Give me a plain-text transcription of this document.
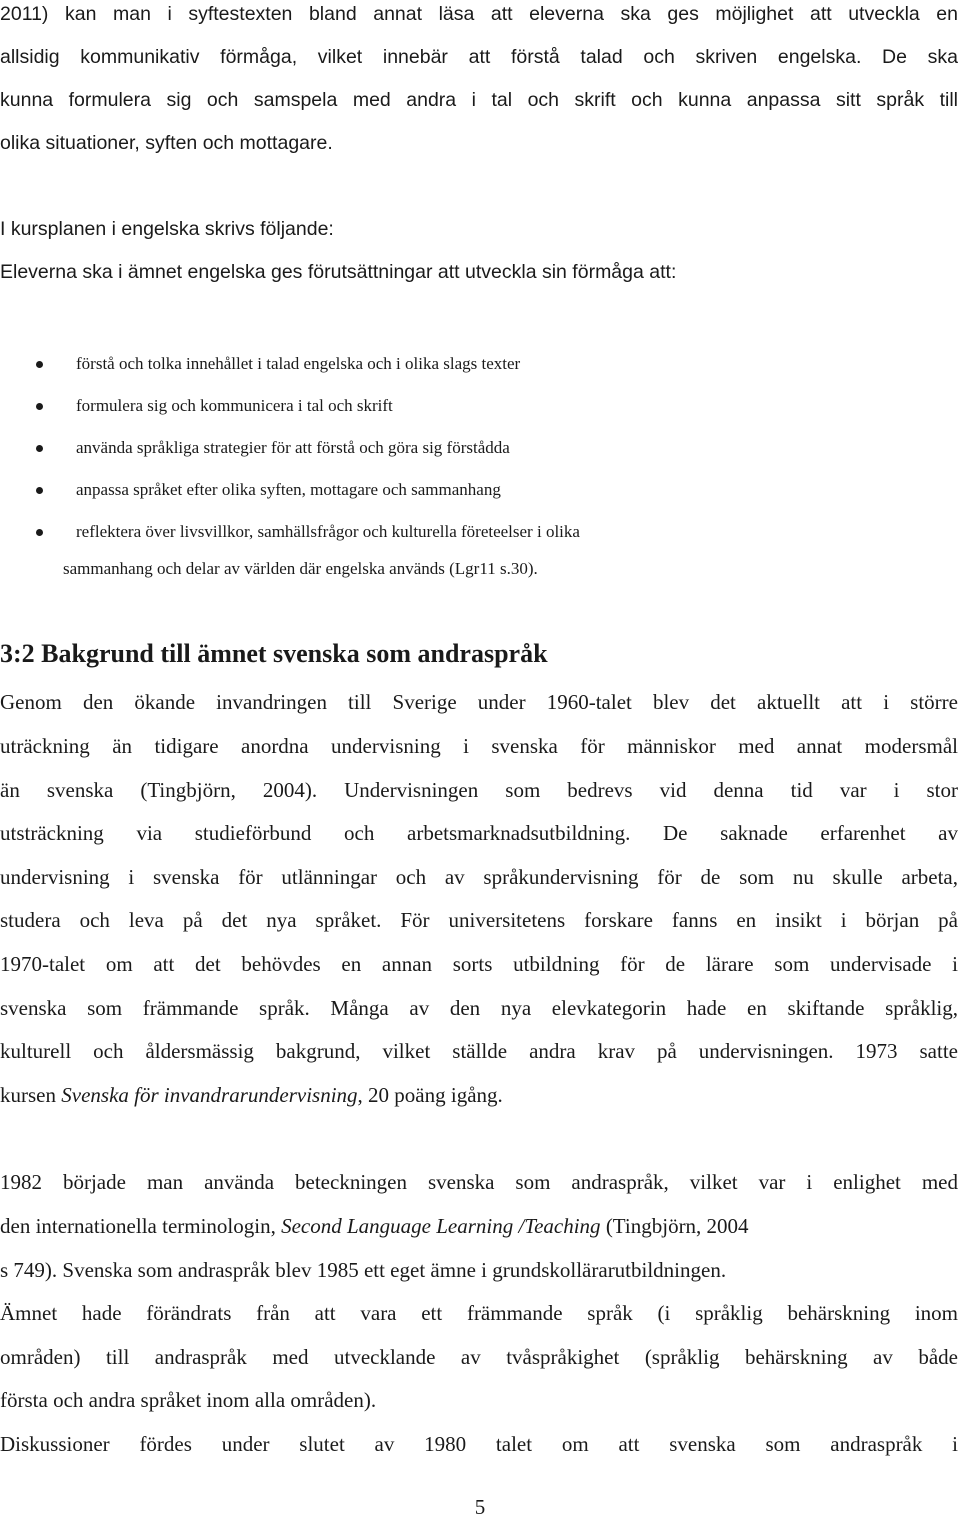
2011) kan man i syftestexten bland annat läsa att eleverna ska ges möjlighet att utveckla en
allsidig kommunikativ förmåga, vilket innebär att förstå talad och skriven engelska. De ska
kunna formulera sig och samspela med andra i tal och skrift och kunna anpassa sitt språk till
olika situationer, syften och mottagare.
I kursplanen i engelska skrivs följande:
Eleverna ska i ämnet engelska ges förutsättningar att utveckla sin förmåga att:
förstå och tolka innehållet i talad engelska och i olika slags texter
formulera sig och kommunicera i tal och skrift
använda språkliga strategier för att förstå och göra sig förstådda
anpassa språket efter olika syften, mottagare och sammanhang
reflektera över livsvillkor, samhällsfrågor och kulturella företeelser i olika
sammanhang och delar av världen där engelska används (Lgr11 s.30).
3:2 Bakgrund till ämnet svenska som andraspråk
Genom den ökande invandringen till Sverige under 1960-talet blev det aktuellt att i större
uträckning än tidigare anordna undervisning i svenska för människor med annat modersmål
än svenska (Tingbjörn, 2004). Undervisningen som bedrevs vid denna tid var i stor
utsträckning via studieförbund och arbetsmarknadsutbildning. De saknade erfarenhet av
undervisning i svenska för utlänningar och av språkundervisning för de som nu skulle arbeta,
studera och leva på det nya språket. För universitetens forskare fanns en insikt i början på
1970-talet om att det behövdes en annan sorts utbildning för de lärare som undervisade i
svenska som främmande språk. Många av den nya elevkategorin hade en skiftande språklig,
kulturell och åldersmässig bakgrund, vilket ställde andra krav på undervisningen. 1973 satte
kursen Svenska för invandrarundervisning, 20 poäng igång.
1982 började man använda beteckningen svenska som andraspråk, vilket var i enlighet med
den internationella terminologin, Second Language Learning /Teaching (Tingbjörn, 2004
s 749). Svenska som andraspråk blev 1985 ett eget ämne i grundskollärarutbildningen.
Ämnet hade förändrats från att vara ett främmande språk (i språklig behärskning inom
områden) till andraspråk med utvecklande av tvåspråkighet (språklig behärskning av både
första och andra språket inom alla områden).
Diskussioner fördes under slutet av 1980 talet om att svenska som andraspråk i
5
